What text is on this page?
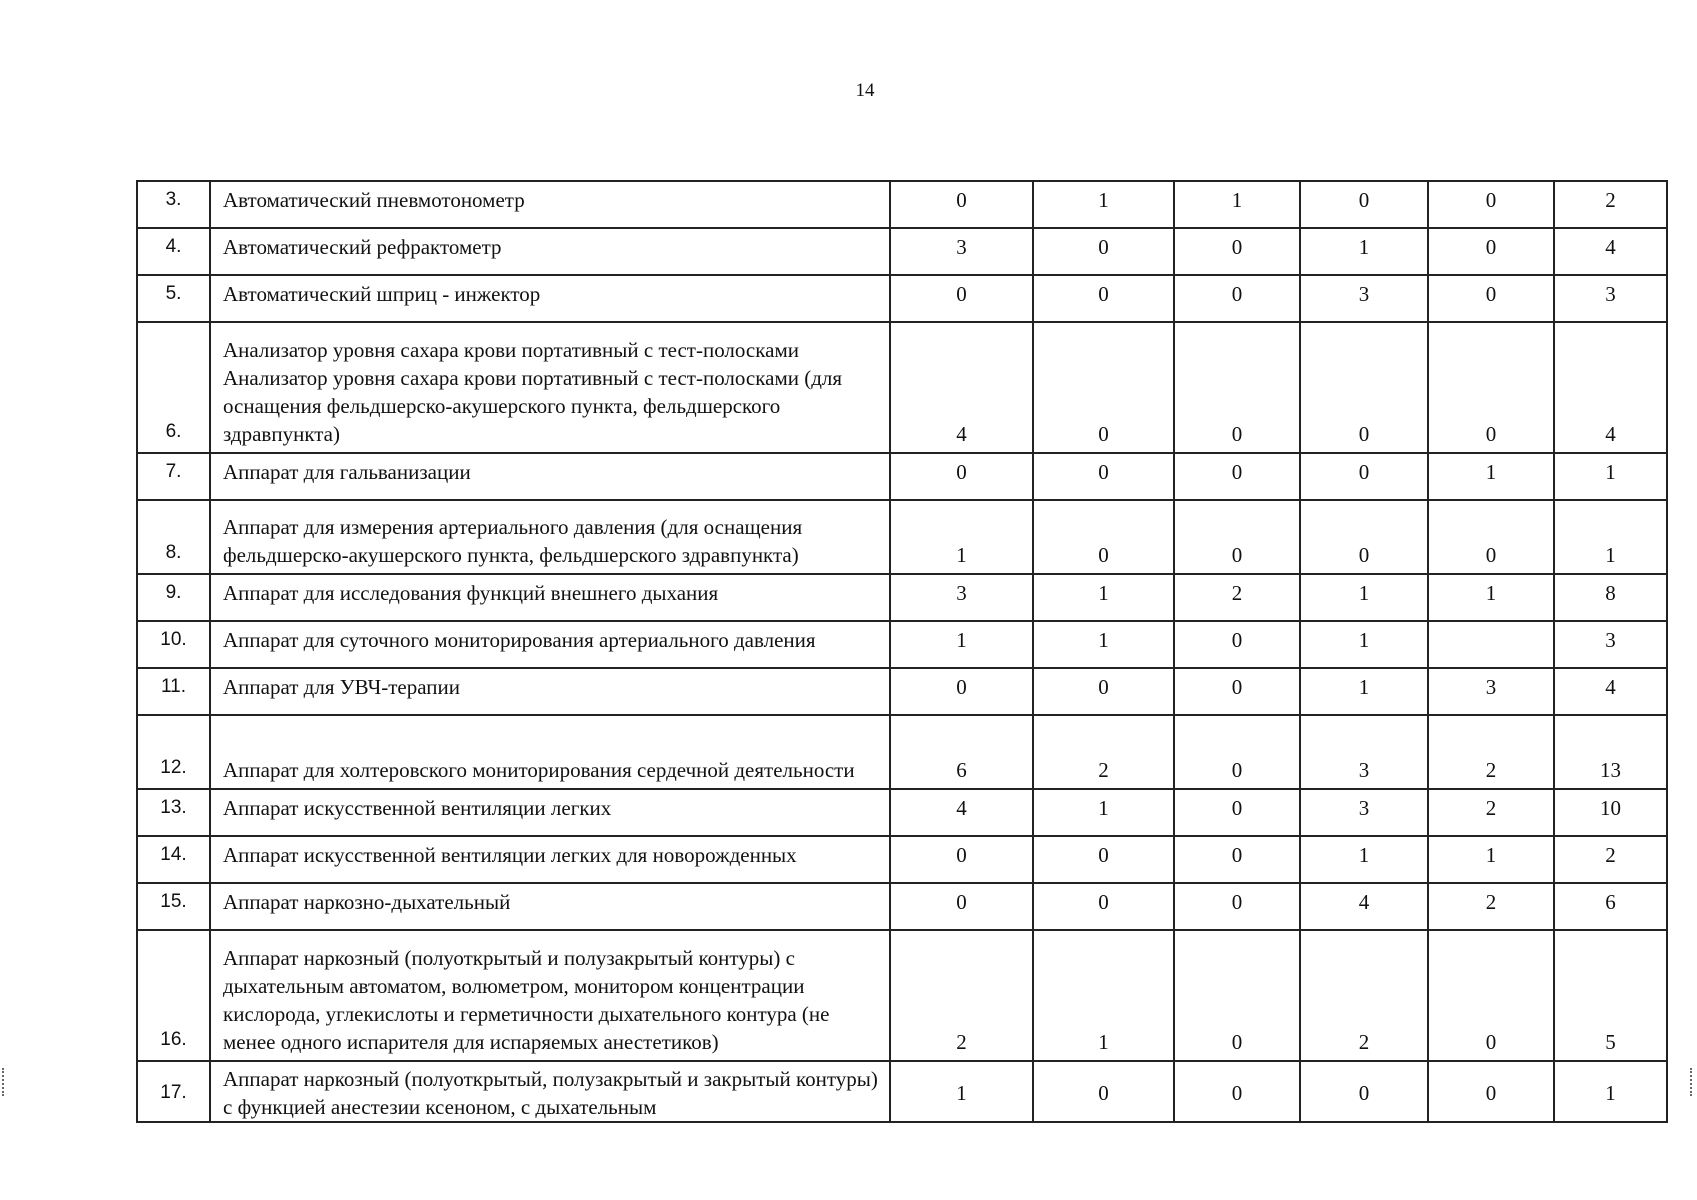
14
3.	Автоматический пневмотонометр	0	1	1	0	0	2
4.	Автоматический рефрактометр	3	0	0	1	0	4
5.	Автоматический шприц - инжектор	0	0	0	3	0	3
6.	Анализатор уровня сахара крови портативный с тест-полосками Анализатор уровня сахара крови портативный с тест-полосками (для оснащения фельдшерско-акушерского пункта, фельдшерского здравпункта)	4	0	0	0	0	4
7.	Аппарат для гальванизации	0	0	0	0	1	1
8.	Аппарат для измерения артериального давления (для оснащения фельдшерско-акушерского пункта, фельдшерского здравпункта)	1	0	0	0	0	1
9.	Аппарат для исследования функций внешнего дыхания	3	1	2	1	1	8
10.	Аппарат для суточного мониторирования артериального давления	1	1	0	1		3
11.	Аппарат для УВЧ-терапии	0	0	0	1	3	4
12.	Аппарат для холтеровского мониторирования сердечной деятельности	6	2	0	3	2	13
13.	Аппарат искусственной вентиляции легких	4	1	0	3	2	10
14.	Аппарат искусственной вентиляции легких для новорожденных	0	0	0	1	1	2
15.	Аппарат наркозно-дыхательный	0	0	0	4	2	6
16.	Аппарат наркозный (полуоткрытый и полузакрытый контуры) с дыхательным автоматом, волюметром, монитором концентрации кислорода, углекислоты и герметичности дыхательного контура (не менее одного испарителя для испаряемых анестетиков)	2	1	0	2	0	5
17.	Аппарат наркозный (полуоткрытый, полузакрытый и закрытый контуры) с функцией анестезии ксеноном, с дыхательным	1	0	0	0	0	1
